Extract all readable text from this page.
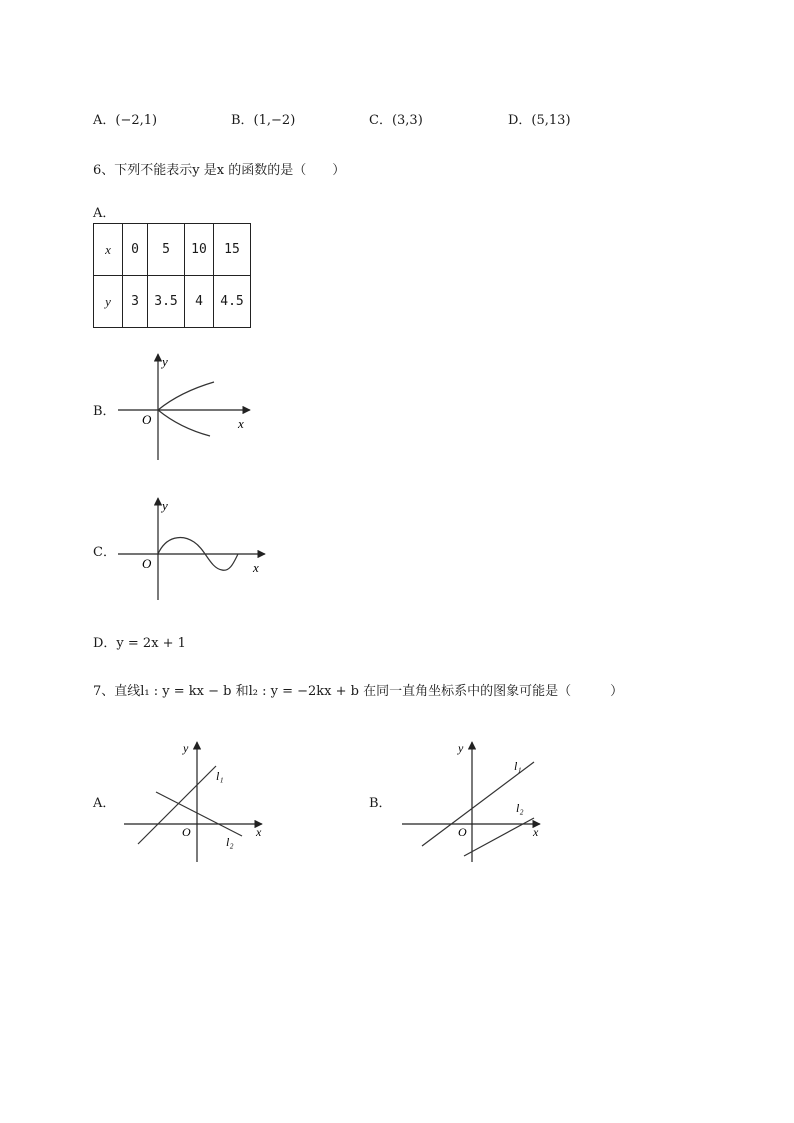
A．(−2,1)	B．(1,−2)	C．(3,3)	D．(5,13)
6、下列不能表示y 是x 的函数的是（　　）
A．
x	0	5	10	15
y	3	3.5	4	4.5
B．
y
O	x
C．
y
O	x
D．y = 2x + 1
7、直线l₁ : y = kx − b 和l₂ : y = −2kx + b 在同一直角坐标系中的图象可能是（　　　）
A．
y
O	x
l₁
l₂
B．
y
O	x
l₁
l₂
